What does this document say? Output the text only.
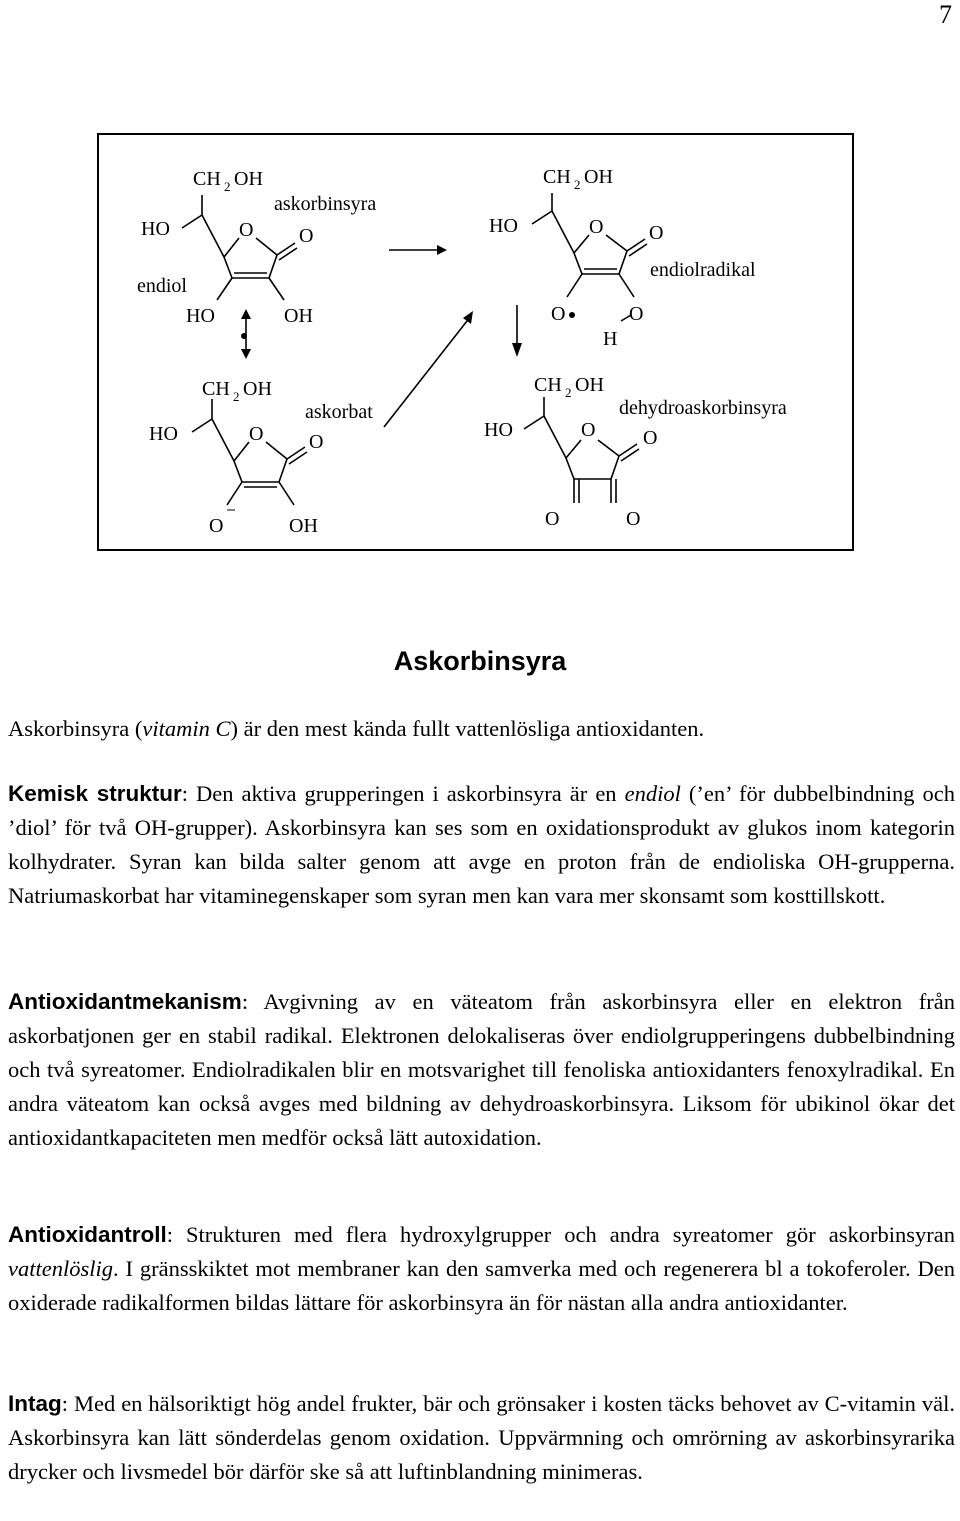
7
CH 2 OH
HO	O O
askorbinsyra
endiol
HO	OH
CH 2 OH
HO	O O
endiolradikal
O	O
H
CH 2 OH
askorbat
HO	O O
O	OH
CH 2 OH
dehydroaskorbinsyra
HO	O O
O	O
Askorbinsyra

Askorbinsyra (vitamin C) är den mest kända fullt vattenlösliga antioxidanten.

Kemisk struktur: Den aktiva grupperingen i askorbinsyra är en endiol (’en’ för dubbelbindning och ’diol’ för två OH-grupper). Askorbinsyra kan ses som en oxidationsprodukt av glukos inom kategorin kolhydrater. Syran kan bilda salter genom att avge en proton från de endioliska OH-grupperna. Natriumaskorbat har vitaminegenskaper som syran men kan vara mer skonsamt som kosttillskott.

Antioxidantmekanism: Avgivning av en väteatom från askorbinsyra eller en elektron från askorbatjonen ger en stabil radikal. Elektronen delokaliseras över endiolgrupperingens dubbelbindning och två syreatomer. Endiolradikalen blir en motsvarighet till fenoliska antioxidanters fenoxylradikal. En andra väteatom kan också avges med bildning av dehydroaskorbinsyra. Liksom för ubikinol ökar det antioxidantkapaciteten men medför också lätt autoxidation.

Antioxidantroll: Strukturen med flera hydroxylgrupper och andra syreatomer gör askorbinsyran vattenlöslig. I gränsskiktet mot membraner kan den samverka med och regenerera bl a tokoferoler. Den oxiderade radikalformen bildas lättare för askorbinsyra än för nästan alla andra antioxidanter.

Intag: Med en hälsoriktigt hög andel frukter, bär och grönsaker i kosten täcks behovet av C-vitamin väl. Askorbinsyra kan lätt sönderdelas genom oxidation. Uppvärmning och omrörning av askorbinsyrarika drycker och livsmedel bör därför ske så att luftinblandning minimeras.
